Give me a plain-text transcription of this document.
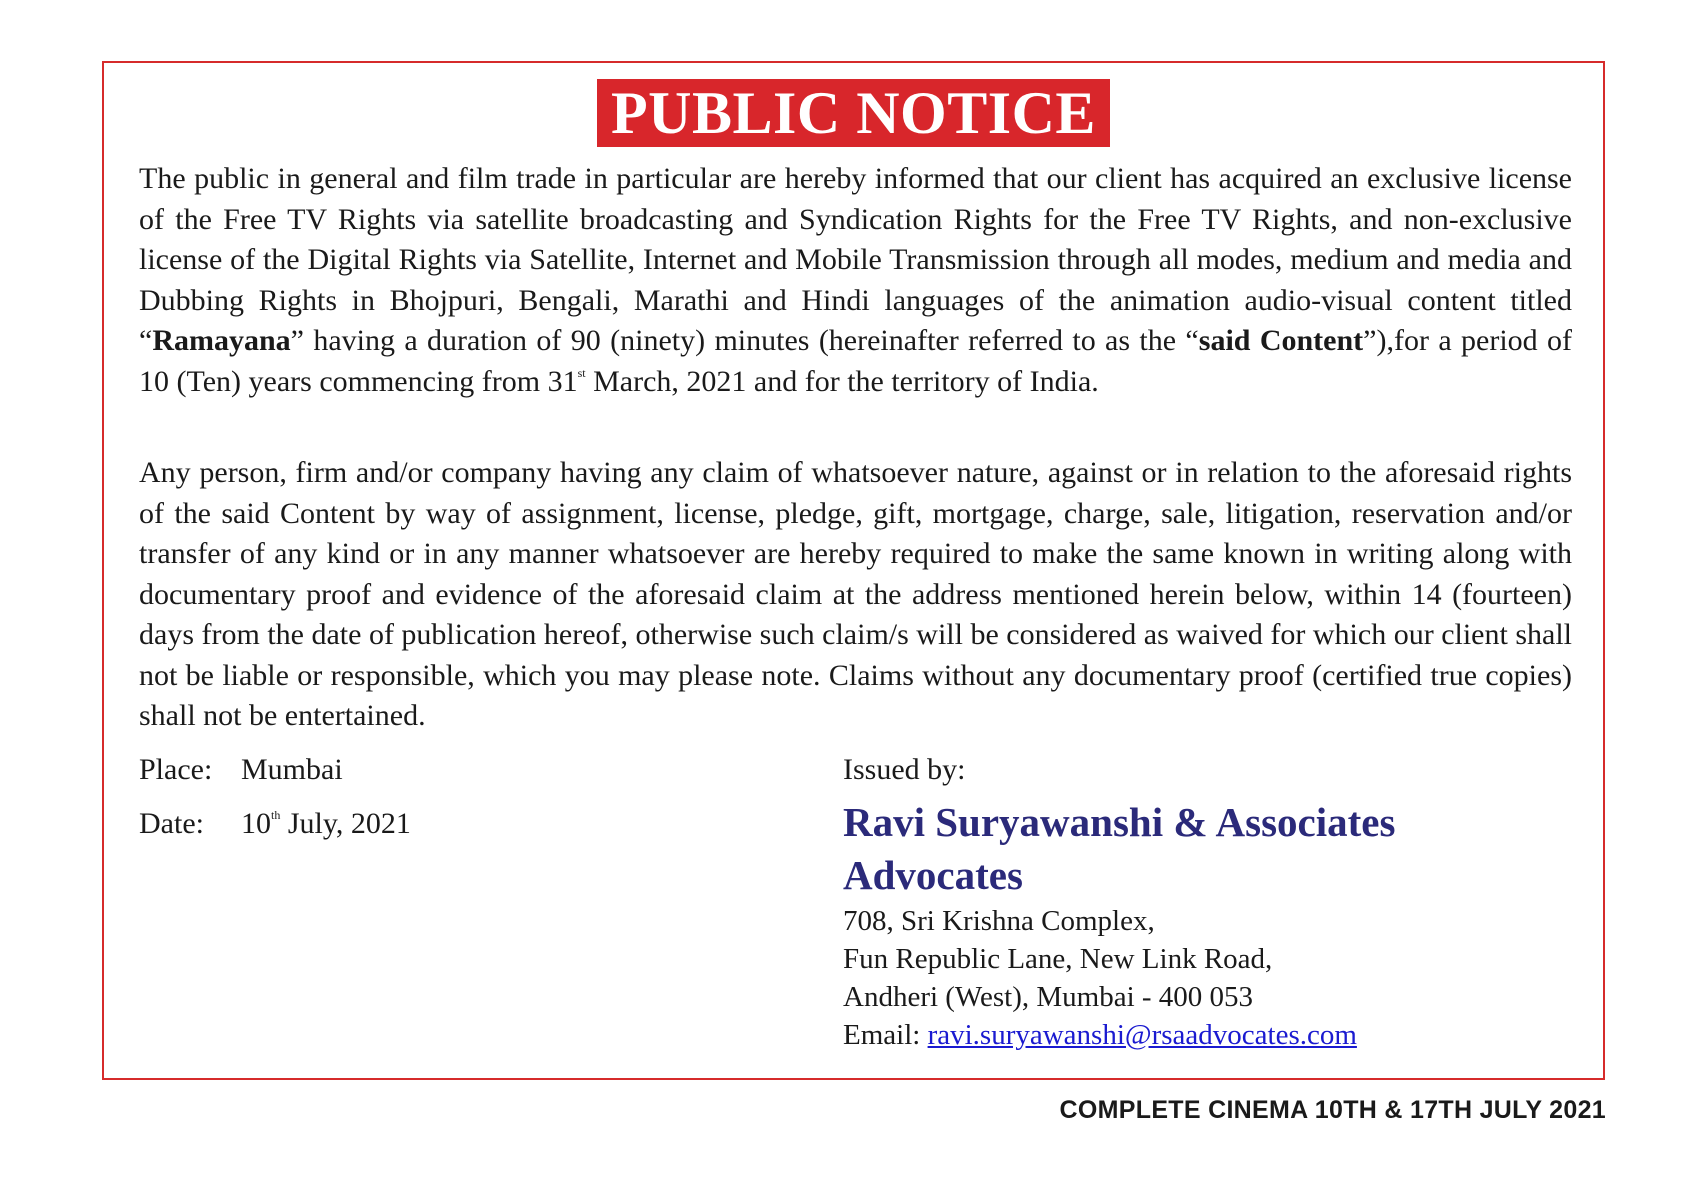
PUBLIC NOTICE

The public in general and film trade in particular are hereby informed that our client has acquired an exclusive license of the Free TV Rights via satellite broadcasting and Syndication Rights for the Free TV Rights, and non-exclusive license of the Digital Rights via Satellite, Internet and Mobile Transmission through all modes, medium and media and Dubbing Rights in Bhojpuri, Bengali, Marathi and Hindi languages of the animation audio-visual content titled “Ramayana” having a duration of 90 (ninety) minutes (hereinafter referred to as the “said Content”),for a period of 10 (Ten) years commencing from 31st March, 2021 and for the territory of India.

Any person, firm and/or company having any claim of whatsoever nature, against or in relation to the aforesaid rights of the said Content by way of assignment, license, pledge, gift, mortgage, charge, sale, litigation, reservation and/or transfer of any kind or in any manner whatsoever are hereby required to make the same known in writing along with documentary proof and evidence of the aforesaid claim at the address mentioned herein below, within 14 (fourteen) days from the date of publication hereof, otherwise such claim/s will be considered as waived for which our client shall not be liable or responsible, which you may please note. Claims without any documentary proof (certified true copies) shall not be entertained.

Place: Mumbai
Date: 10th July, 2021
Issued by:
Ravi Suryawanshi & Associates Advocates
708, Sri Krishna Complex,
Fun Republic Lane, New Link Road,
Andheri (West), Mumbai - 400 053
Email: ravi.suryawanshi@rsaadvocates.com
COMPLETE CINEMA 10TH & 17TH JULY 2021
